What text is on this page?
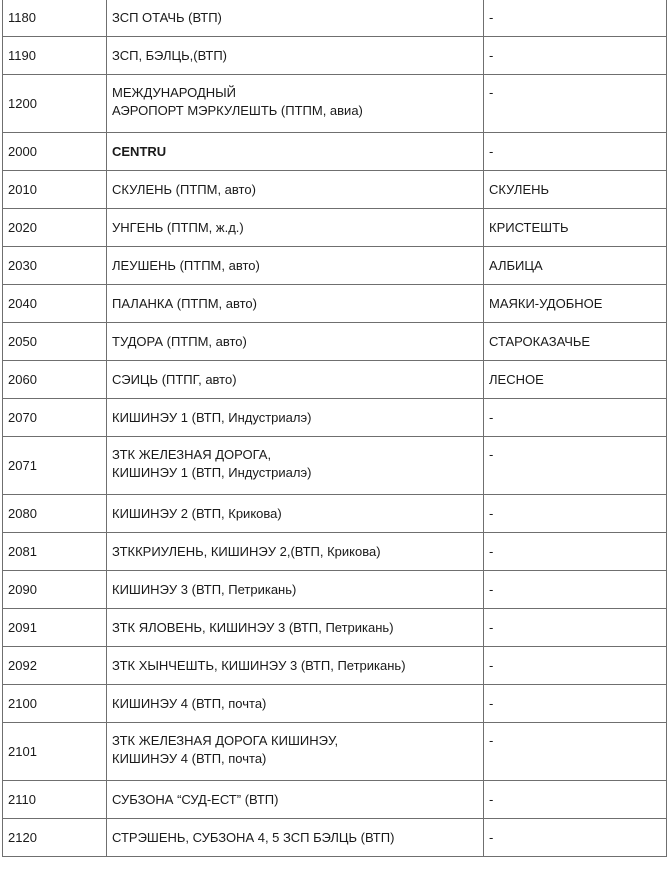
1180	ЗСП ОТАЧЬ (ВТП)	-
1190	ЗСП, БЭЛЦЬ,(ВТП)	-
1200	МЕЖДУНАРОДНЫЙ
АЭРОПОРТ МЭРКУЛЕШТЬ (ПТПМ, авиа)	-
2000	CENTRU	-
2010	СКУЛЕНЬ (ПТПМ, авто)	СКУЛЕНЬ
2020	УНГЕНЬ (ПТПМ, ж.д.)	КРИСТЕШТЬ
2030	ЛЕУШЕНЬ (ПТПМ, авто)	АЛБИЦА
2040	ПАЛАНКА (ПТПМ, авто)	МАЯКИ-УДОБНОЕ
2050	ТУДОРА (ПТПМ, авто)	СТАРОКАЗАЧЬЕ
2060	СЭИЦЬ (ПТПГ, авто)	ЛЕСНОЕ
2070	КИШИНЭУ 1 (ВТП, Индустриалэ)	-
2071	ЗТК ЖЕЛЕЗНАЯ ДОРОГА,
КИШИНЭУ 1 (ВТП, Индустриалэ)	-
2080	КИШИНЭУ 2 (ВТП, Крикова)	-
2081	ЗТККРИУЛЕНЬ, КИШИНЭУ 2,(ВТП, Крикова)	-
2090	КИШИНЭУ 3 (ВТП, Петрикань)	-
2091	ЗТК ЯЛОВЕНЬ, КИШИНЭУ 3 (ВТП, Петрикань)	-
2092	ЗТК ХЫНЧЕШТЬ, КИШИНЭУ 3 (ВТП, Петрикань)	-
2100	КИШИНЭУ 4 (ВТП, почта)	-
2101	ЗТК ЖЕЛЕЗНАЯ ДОРОГА КИШИНЭУ,
КИШИНЭУ 4 (ВТП, почта)	-
2110	СУБЗОНА “СУД-ЕСТ” (ВТП)	-
2120	СТРЭШЕНЬ, СУБЗОНА 4, 5 ЗСП БЭЛЦЬ (ВТП)	-
